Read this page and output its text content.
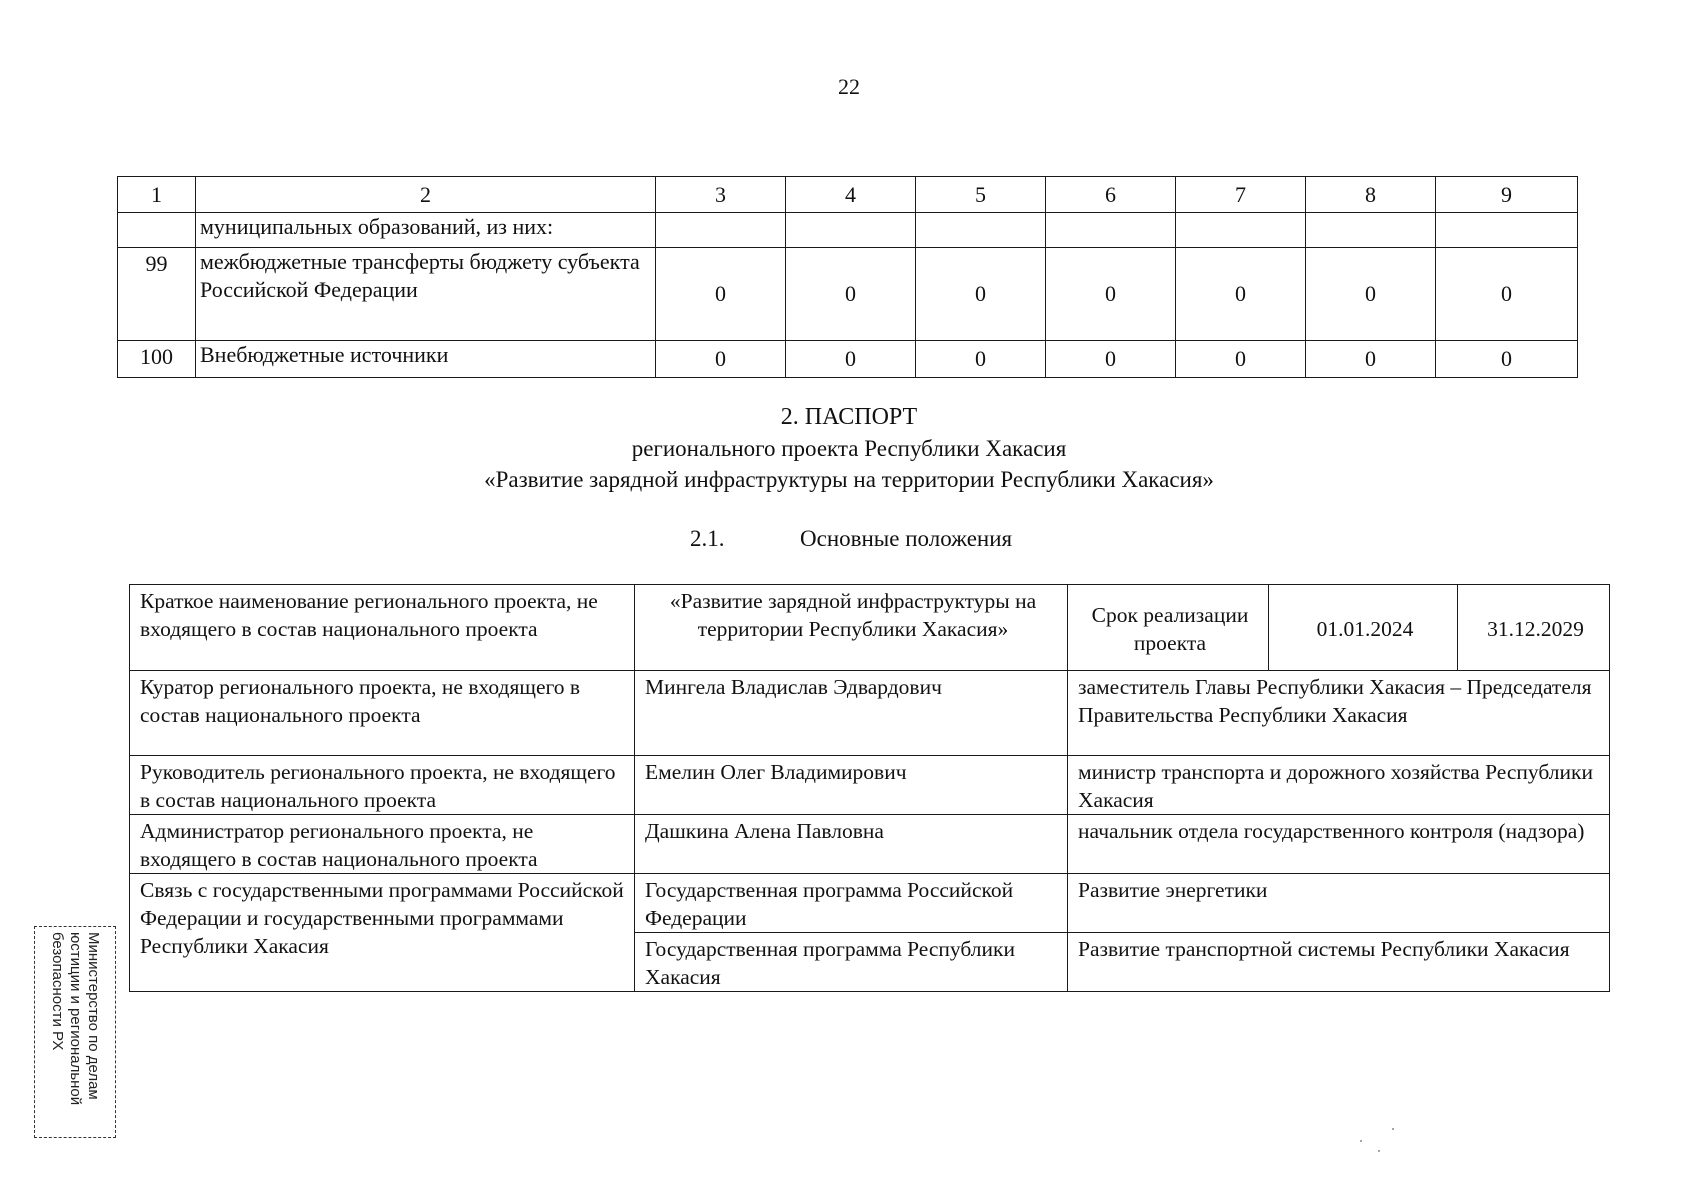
22
1	2	3	4	5	6	7	8	9
	муниципальных образований, из них:							
99	межбюджетные трансферты бюджету субъекта Российской Федерации	0	0	0	0	0	0	0
100	Внебюджетные источники	0	0	0	0	0	0	0
2. ПАСПОРТ
регионального проекта Республики Хакасия
«Развитие зарядной инфраструктуры на территории Республики Хакасия»
2.1.	Основные положения
Краткое наименование регионального проекта, не входящего в состав национального проекта	«Развитие зарядной инфраструктуры на территории Республики Хакасия»	Срок реализации проекта	01.01.2024	31.12.2029
Куратор регионального проекта, не входящего в состав национального проекта	Мингела Владислав Эдвардович	заместитель Главы Республики Хакасия – Председателя Правительства Республики Хакасия		
Руководитель регионального проекта, не входящего в состав национального проекта	Емелин Олег Владимирович	министр транспорта и дорожного хозяйства Республики Хакасия		
Администратор регионального проекта, не входящего в состав национального проекта	Дашкина Алена Павловна	начальник отдела государственного контроля (надзора)		
Связь с государственными программами Российской Федерации и государственными программами Республики Хакасия	Государственная программа Российской Федерации	Развитие энергетики		
	Государственная программа Республики Хакасия	Развитие транспортной системы Республики Хакасия		
Министерство по делам
юстиции и региональной
безопасности РХ
